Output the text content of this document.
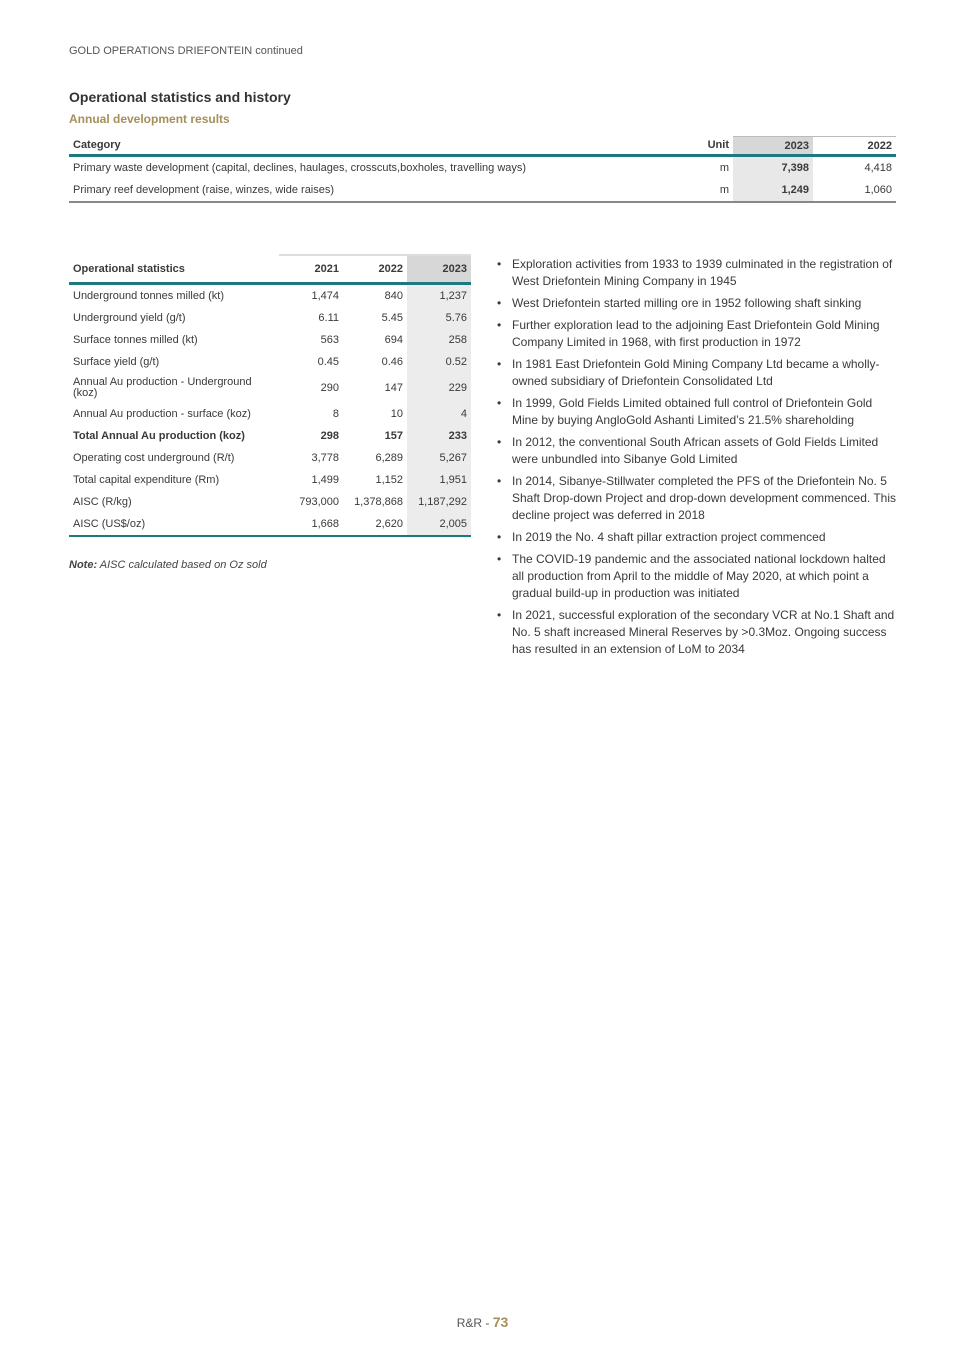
GOLD OPERATIONS DRIEFONTEIN continued
Operational statistics and history
Annual development results
Category	Unit	2023	2022
Primary waste development (capital, declines, haulages, crosscuts,boxholes, travelling ways)	m	7,398	4,418
Primary reef development (raise, winzes, wide raises)	m	1,249	1,060
Operational statistics	2021	2022	2023
Underground tonnes milled (kt)	1,474	840	1,237
Underground yield (g/t)	6.11	5.45	5.76
Surface tonnes milled (kt)	563	694	258
Surface yield (g/t)	0.45	0.46	0.52
Annual Au production - Underground (koz)	290	147	229
Annual Au production - surface (koz)	8	10	4
Total Annual Au production (koz)	298	157	233
Operating cost underground (R/t)	3,778	6,289	5,267
Total capital expenditure (Rm)	1,499	1,152	1,951
AISC (R/kg)	793,000	1,378,868	1,187,292
AISC (US$/oz)	1,668	2,620	2,005
Note: AISC calculated based on Oz sold
• Exploration activities from 1933 to 1939 culminated in the registration of West Driefontein Mining Company in 1945
• West Driefontein started milling ore in 1952 following shaft sinking
• Further exploration lead to the adjoining East Driefontein Gold Mining Company Limited in 1968, with first production in 1972
• In 1981 East Driefontein Gold Mining Company Ltd became a wholly-owned subsidiary of Driefontein Consolidated Ltd
• In 1999, Gold Fields Limited obtained full control of Driefontein Gold Mine by buying AngloGold Ashanti Limited’s 21.5% shareholding
• In 2012, the conventional South African assets of Gold Fields Limited were unbundled into Sibanye Gold Limited
• In 2014, Sibanye-Stillwater completed the PFS of the Driefontein No. 5 Shaft Drop-down Project and drop-down development commenced. This decline project was deferred in 2018
• In 2019 the No. 4 shaft pillar extraction project commenced
• The COVID-19 pandemic and the associated national lockdown halted all production from April to the middle of May 2020, at which point a gradual build-up in production was initiated
• In 2021, successful exploration of the secondary VCR at No.1 Shaft and No. 5 shaft increased Mineral Reserves by >0.3Moz. Ongoing success has resulted in an extension of LoM to 2034
R&R - 73
